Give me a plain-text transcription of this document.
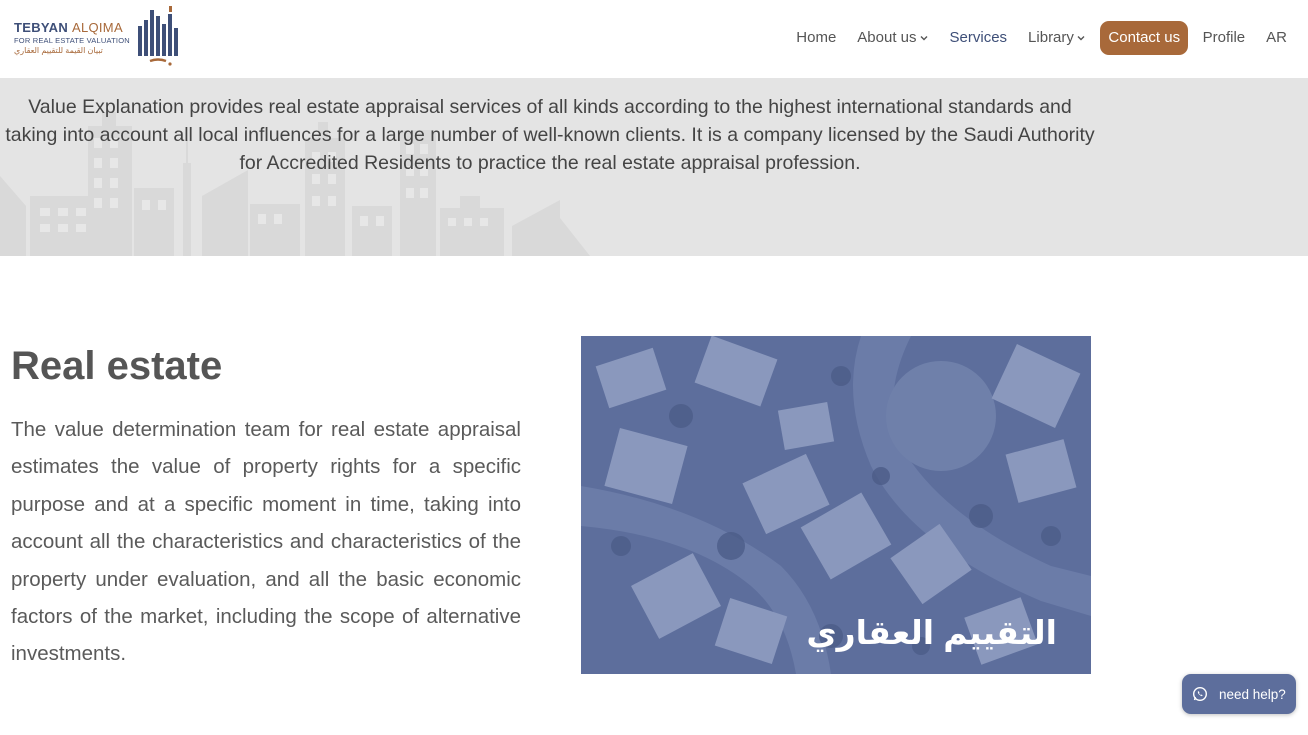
TEBYAN ALQIMA
FOR REAL ESTATE VALUATION
تبيان القيمة للتقييم العقاري
Home About us Services Library Contact us Profile AR

Value Explanation provides real estate appraisal services of all kinds according to the highest international standards and taking into account all local influences for a large number of well-known clients. It is a company licensed by the Saudi Authority for Accredited Residents to practice the real estate appraisal profession.

Real estate

The value determination team for real estate appraisal estimates the value of property rights for a specific purpose and at a specific moment in time, taking into account all the characteristics and characteristics of the property under evaluation, and all the basic economic factors of the market, including the scope of alternative investments.

التقييم العقاري
need help?
